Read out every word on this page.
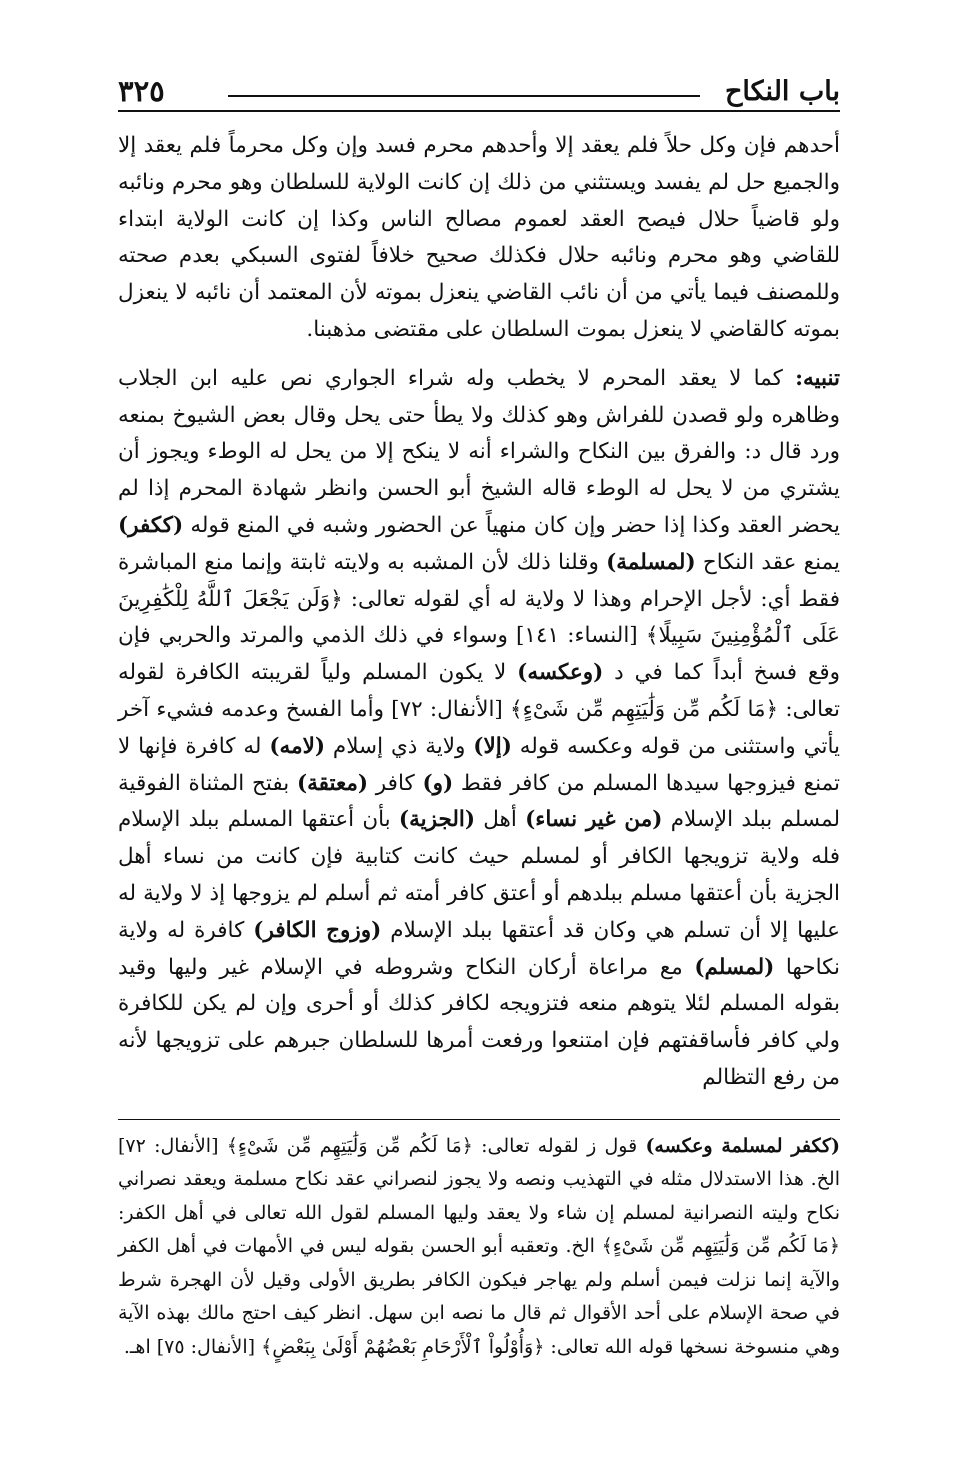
باب النكاح
٣٢٥

أحدهم فإن وكل حلاً فلم يعقد إلا وأحدهم محرم فسد وإن وكل محرماً فلم يعقد إلا والجميع حل لم يفسد ويستثني من ذلك إن كانت الولاية للسلطان وهو محرم ونائبه ولو قاضياً حلال فيصح العقد لعموم مصالح الناس وكذا إن كانت الولاية ابتداء للقاضي وهو محرم ونائبه حلال فكذلك صحيح خلافاً لفتوى السبكي بعدم صحته وللمصنف فيما يأتي من أن نائب القاضي ينعزل بموته لأن المعتمد أن نائبه لا ينعزل بموته كالقاضي لا ينعزل بموت السلطان على مقتضى مذهبنا.

تنبيه: كما لا يعقد المحرم لا يخطب وله شراء الجواري نص عليه ابن الجلاب وظاهره ولو قصدن للفراش وهو كذلك ولا يطأ حتى يحل وقال بعض الشيوخ بمنعه ورد قال د: والفرق بين النكاح والشراء أنه لا ينكح إلا من يحل له الوطء ويجوز أن يشتري من لا يحل له الوطء قاله الشيخ أبو الحسن وانظر شهادة المحرم إذا لم يحضر العقد وكذا إذا حضر وإن كان منهياً عن الحضور وشبه في المنع قوله (ككفر) يمنع عقد النكاح (لمسلمة) وقلنا ذلك لأن المشبه به ولايته ثابتة وإنما منع المباشرة فقط أي: لأجل الإحرام وهذا لا ولاية له أي لقوله تعالى: ﴿وَلَن يَجْعَلَ ٱللَّهُ لِلْكَٰفِرِينَ عَلَى ٱلْمُؤْمِنِينَ سَبِيلًا﴾ [النساء: ١٤١] وسواء في ذلك الذمي والمرتد والحربي فإن وقع فسخ أبداً كما في د (وعكسه) لا يكون المسلم ولياً لقريبته الكافرة لقوله تعالى: ﴿مَا لَكُم مِّن وَلَٰيَتِهِم مِّن شَىْءٍ﴾ [الأنفال: ٧٢] وأما الفسخ وعدمه فشيء آخر يأتي واستثنى من قوله وعكسه قوله (إلا) ولاية ذي إسلام (لامه) له كافرة فإنها لا تمنع فيزوجها سيدها المسلم من كافر فقط (و) كافر (معتقة) بفتح المثناة الفوقية لمسلم ببلد الإسلام (من غير نساء) أهل (الجزية) بأن أعتقها المسلم ببلد الإسلام فله ولاية تزويجها الكافر أو لمسلم حيث كانت كتابية فإن كانت من نساء أهل الجزية بأن أعتقها مسلم ببلدهم أو أعتق كافر أمته ثم أسلم لم يزوجها إذ لا ولاية له عليها إلا أن تسلم هي وكان قد أعتقها ببلد الإسلام (وزوج الكافر) كافرة له ولاية نكاحها (لمسلم) مع مراعاة أركان النكاح وشروطه في الإسلام غير وليها وقيد بقوله المسلم لئلا يتوهم منعه فتزويجه لكافر كذلك أو أحرى وإن لم يكن للكافرة ولي كافر فأساقفتهم فإن امتنعوا ورفعت أمرها للسلطان جبرهم على تزويجها لأنه من رفع التظالم

(ككفر لمسلمة وعكسه) قول ز لقوله تعالى: ﴿مَا لَكُم مِّن وَلَٰيَتِهِم مِّن شَىْءٍ﴾ [الأنفال: ٧٢] الخ. هذا الاستدلال مثله في التهذيب ونصه ولا يجوز لنصراني عقد نكاح مسلمة ويعقد نصراني نكاح وليته النصرانية لمسلم إن شاء ولا يعقد وليها المسلم لقول الله تعالى في أهل الكفر: ﴿مَا لَكُم مِّن وَلَٰيَتِهِم مِّن شَىْءٍ﴾ الخ. وتعقبه أبو الحسن بقوله ليس في الأمهات في أهل الكفر والآية إنما نزلت فيمن أسلم ولم يهاجر فيكون الكافر بطريق الأولى وقيل لأن الهجرة شرط في صحة الإسلام على أحد الأقوال ثم قال ما نصه ابن سهل. انظر كيف احتج مالك بهذه الآية وهي منسوخة نسخها قوله الله تعالى: ﴿وَأُوْلُواْ ٱلْأَرْحَامِ بَعْضُهُمْ أَوْلَىٰ بِبَعْضٍ﴾ [الأنفال: ٧٥] اهـ.
